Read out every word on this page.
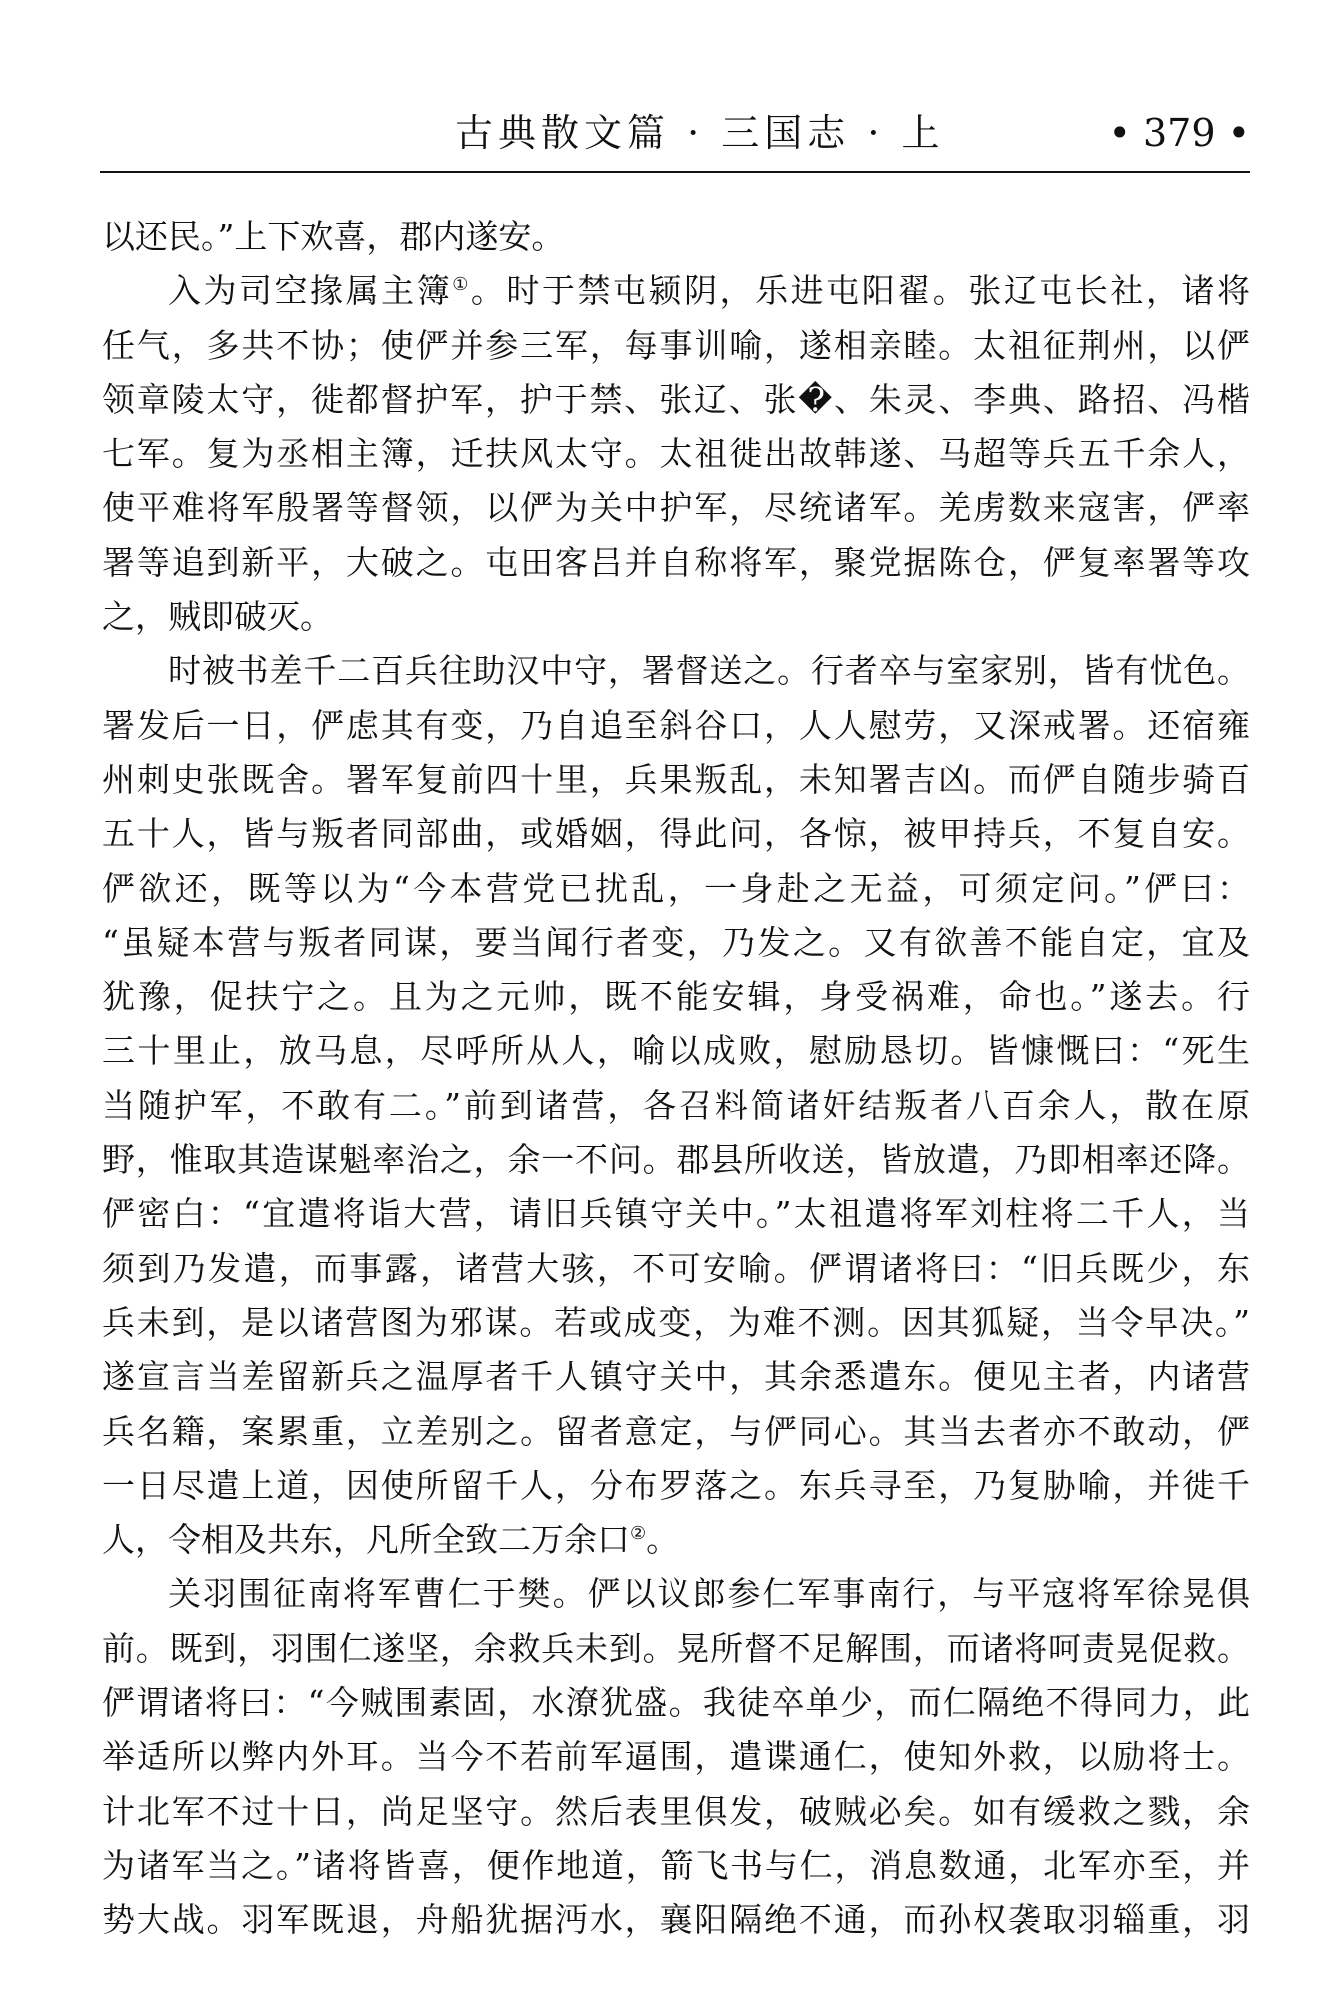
古典散文篇 · 三国志 · 上	• 379 •
以还民。”上下欢喜，郡内遂安。
入为司空掾属主簿①。时于禁屯颍阴，乐进屯阳翟。张辽屯长社，诸将
任气，多共不协；使俨并参三军，每事训喻，遂相亲睦。太祖征荆州，以俨
领章陵太守，徙都督护军，护于禁、张辽、张�、朱灵、李典、路招、冯楷
七军。复为丞相主簿，迁扶风太守。太祖徙出故韩遂、马超等兵五千余人，
使平难将军殷署等督领，以俨为关中护军，尽统诸军。羌虏数来寇害，俨率
署等追到新平，大破之。屯田客吕并自称将军，聚党据陈仓，俨复率署等攻
之，贼即破灭。
时被书差千二百兵往助汉中守，署督送之。行者卒与室家别，皆有忧色。
署发后一日，俨虑其有变，乃自追至斜谷口，人人慰劳，又深戒署。还宿雍
州刺史张既舍。署军复前四十里，兵果叛乱，未知署吉凶。而俨自随步骑百
五十人，皆与叛者同部曲，或婚姻，得此问，各惊，被甲持兵，不复自安。
俨欲还，既等以为“今本营党已扰乱，一身赴之无益，可须定问。”俨曰：
“虽疑本营与叛者同谋，要当闻行者变，乃发之。又有欲善不能自定，宜及
犹豫，促扶宁之。且为之元帅，既不能安辑，身受祸难，命也。”遂去。行
三十里止，放马息，尽呼所从人，喻以成败，慰励恳切。皆慷慨曰：“死生
当随护军，不敢有二。”前到诸营，各召料简诸奸结叛者八百余人，散在原
野，惟取其造谋魁率治之，余一不问。郡县所收送，皆放遣，乃即相率还降。
俨密白：“宜遣将诣大营，请旧兵镇守关中。”太祖遣将军刘柱将二千人，当
须到乃发遣，而事露，诸营大骇，不可安喻。俨谓诸将曰：“旧兵既少，东
兵未到，是以诸营图为邪谋。若或成变，为难不测。因其狐疑，当令早决。”
遂宣言当差留新兵之温厚者千人镇守关中，其余悉遣东。便见主者，内诸营
兵名籍，案累重，立差别之。留者意定，与俨同心。其当去者亦不敢动，俨
一日尽遣上道，因使所留千人，分布罗落之。东兵寻至，乃复胁喻，并徙千
人，令相及共东，凡所全致二万余口②。
关羽围征南将军曹仁于樊。俨以议郎参仁军事南行，与平寇将军徐晃俱
前。既到，羽围仁遂坚，余救兵未到。晃所督不足解围，而诸将呵责晃促救。
俨谓诸将曰：“今贼围素固，水潦犹盛。我徒卒单少，而仁隔绝不得同力，此
举适所以弊内外耳。当今不若前军逼围，遣谍通仁，使知外救，以励将士。
计北军不过十日，尚足坚守。然后表里俱发，破贼必矣。如有缓救之戮，余
为诸军当之。”诸将皆喜，便作地道，箭飞书与仁，消息数通，北军亦至，并
势大战。羽军既退，舟船犹据沔水，襄阳隔绝不通，而孙权袭取羽辎重，羽
